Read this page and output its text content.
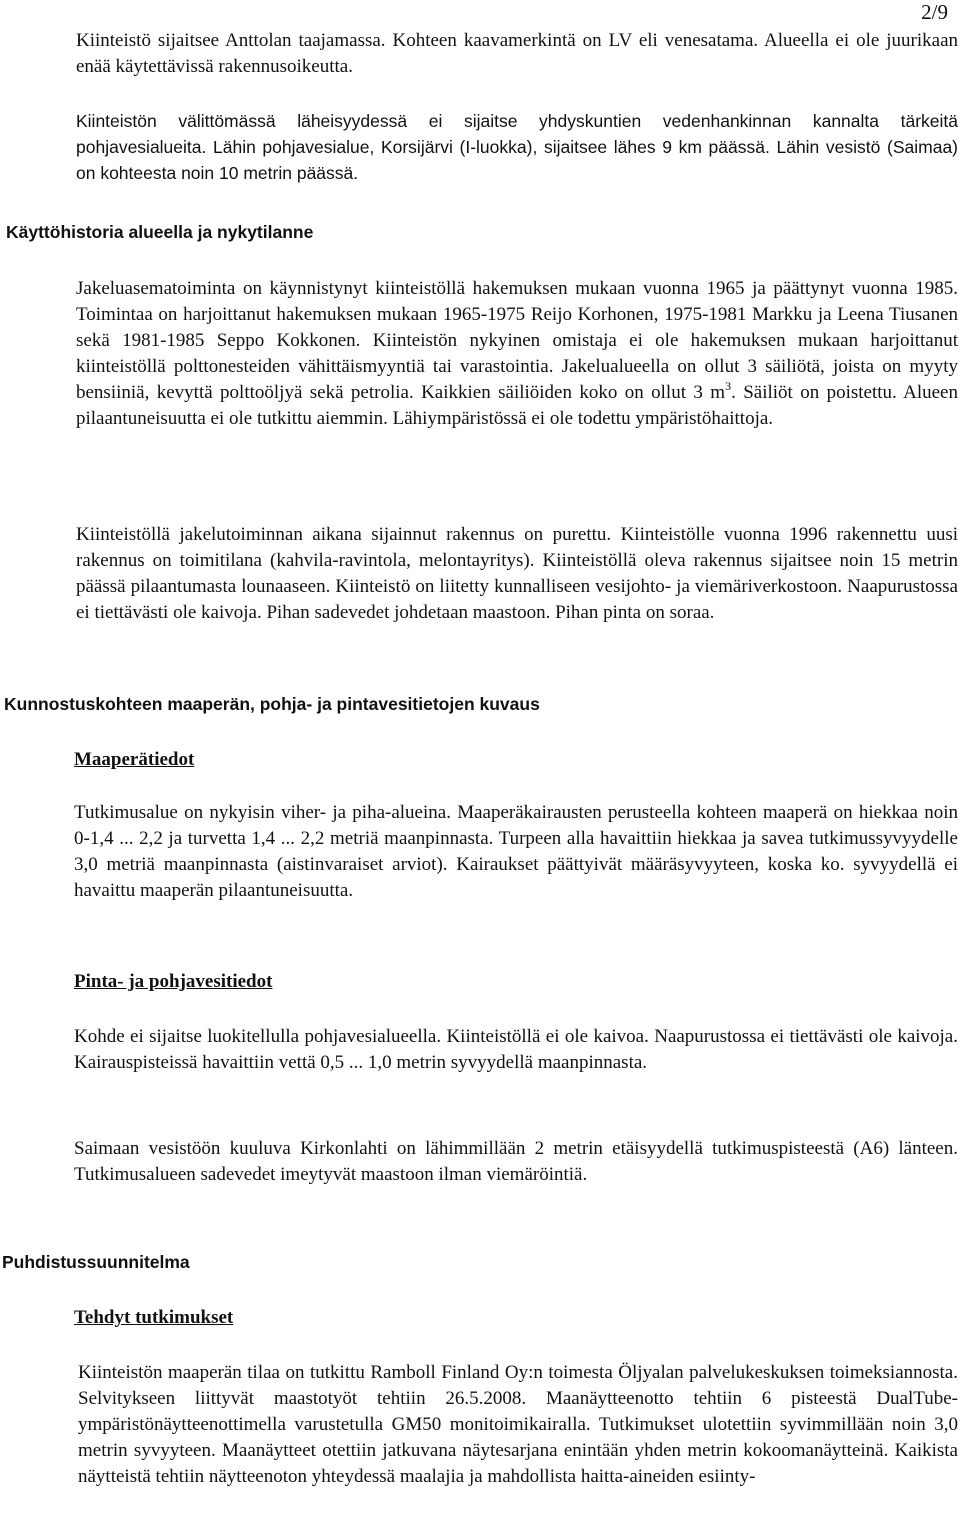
2/9

Kiinteistö sijaitsee Anttolan taajamassa. Kohteen kaavamerkintä on LV eli venesatama. Alueella ei ole juurikaan enää käytettävissä rakennusoikeutta.

Kiinteistön välittömässä läheisyydessä ei sijaitse yhdyskuntien vedenhankinnan kannalta tärkeitä pohjavesialueita. Lähin pohjavesialue, Korsijärvi (I-luokka), sijaitsee lähes 9 km päässä. Lähin vesistö (Saimaa) on kohteesta noin 10 metrin päässä.

Käyttöhistoria alueella ja nykytilanne

Jakeluasematoiminta on käynnistynyt kiinteistöllä hakemuksen mukaan vuonna 1965 ja päättynyt vuonna 1985. Toimintaa on harjoittanut hakemuksen mukaan 1965-1975 Reijo Korhonen, 1975-1981 Markku ja Leena Tiusanen sekä 1981-1985 Seppo Kokkonen. Kiinteistön nykyinen omistaja ei ole hakemuksen mukaan harjoittanut kiinteistöllä polttonesteiden vähittäismyyntiä tai varastointia. Jakelualueella on ollut 3 säiliötä, joista on myyty bensiiniä, kevyttä polttoöljyä sekä petrolia. Kaikkien säiliöiden koko on ollut 3 $m^3$. Säiliöt on poistettu. Alueen pilaantuneisuutta ei ole tutkittu aiemmin. Lähiympäristössä ei ole todettu ympäristöhaittoja.

Kiinteistöllä jakelutoiminnan aikana sijainnut rakennus on purettu. Kiinteistölle vuonna 1996 rakennettu uusi rakennus on toimitilana (kahvila-ravintola, melontayritys). Kiinteistöllä oleva rakennus sijaitsee noin 15 metrin päässä pilaantumasta lounaaseen. Kiinteistö on liitetty kunnalliseen vesijohto- ja viemäriverkostoon. Naapurustossa ei tiettävästi ole kaivoja. Pihan sadevedet johdetaan maastoon. Pihan pinta on soraa.

Kunnostuskohteen maaperän, pohja- ja pintavesitietojen kuvaus
Maaperätiedot

Tutkimusalue on nykyisin viher- ja piha-alueina. Maaperäkairausten perusteella kohteen maaperä on hiekkaa noin 0-1,4 ... 2,2 ja turvetta 1,4 ... 2,2 metriä maanpinnasta. Turpeen alla havaittiin hiekkaa ja savea tutkimussyvyydelle 3,0 metriä maanpinnasta (aistinvaraiset arviot). Kairaukset päättyivät määräsyvyyteen, koska ko. syvyydellä ei havaittu maaperän pilaantuneisuutta.

Pinta- ja pohjavesitiedot

Kohde ei sijaitse luokitellulla pohjavesialueella. Kiinteistöllä ei ole kaivoa. Naapurustossa ei tiettävästi ole kaivoja. Kairauspisteissä havaittiin vettä 0,5 ... 1,0 metrin syvyydellä maanpinnasta.

Saimaan vesistöön kuuluva Kirkonlahti on lähimmillään 2 metrin etäisyydellä tutkimuspisteestä (A6) länteen. Tutkimusalueen sadevedet imeytyvät maastoon ilman viemäröintiä.

Puhdistussuunnitelma
Tehdyt tutkimukset

Kiinteistön maaperän tilaa on tutkittu Ramboll Finland Oy:n toimesta Öljyalan palvelukeskuksen toimeksiannosta. Selvitykseen liittyvät maastotyöt tehtiin 26.5.2008. Maanäytteenotto tehtiin 6 pisteestä DualTube- ympäristönäytteenottimella varustetulla GM50 monitoimikairalla. Tutkimukset ulotettiin syvimmillään noin 3,0 metrin syvyyteen. Maanäytteet otettiin jatkuvana näytesarjana enintään yhden metrin kokoomanäytteinä. Kaikista näytteistä tehtiin näytteenoton yhteydessä maalajia ja mahdollista haitta-aineiden esiinty-
